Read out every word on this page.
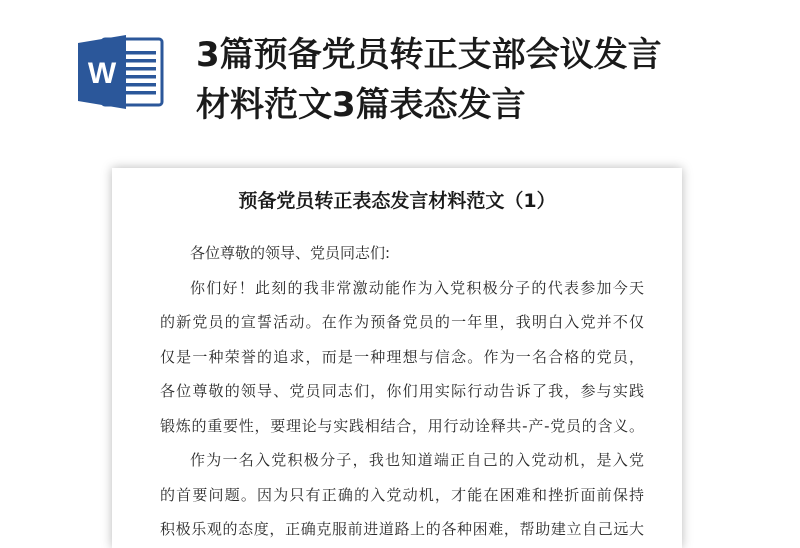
W 3篇预备党员转正支部会议发言
材料范文3篇表态发言
预备党员转正表态发言材料范文（1）
各位尊敬的领导、党员同志们:
你们好！此刻的我非常激动能作为入党积极分子的代表参加今天
的新党员的宣誓活动。在作为预备党员的一年里，我明白入党并不仅
仅是一种荣誉的追求，而是一种理想与信念。作为一名合格的党员，
各位尊敬的领导、党员同志们，你们用实际行动告诉了我，参与实践
锻炼的重要性，要理论与实践相结合，用行动诠释共-产-党员的含义。
作为一名入党积极分子，我也知道端正自己的入党动机，是入党
的首要问题。因为只有正确的入党动机，才能在困难和挫折面前保持
积极乐观的态度，正确克服前进道路上的各种困难，帮助建立自己远大
